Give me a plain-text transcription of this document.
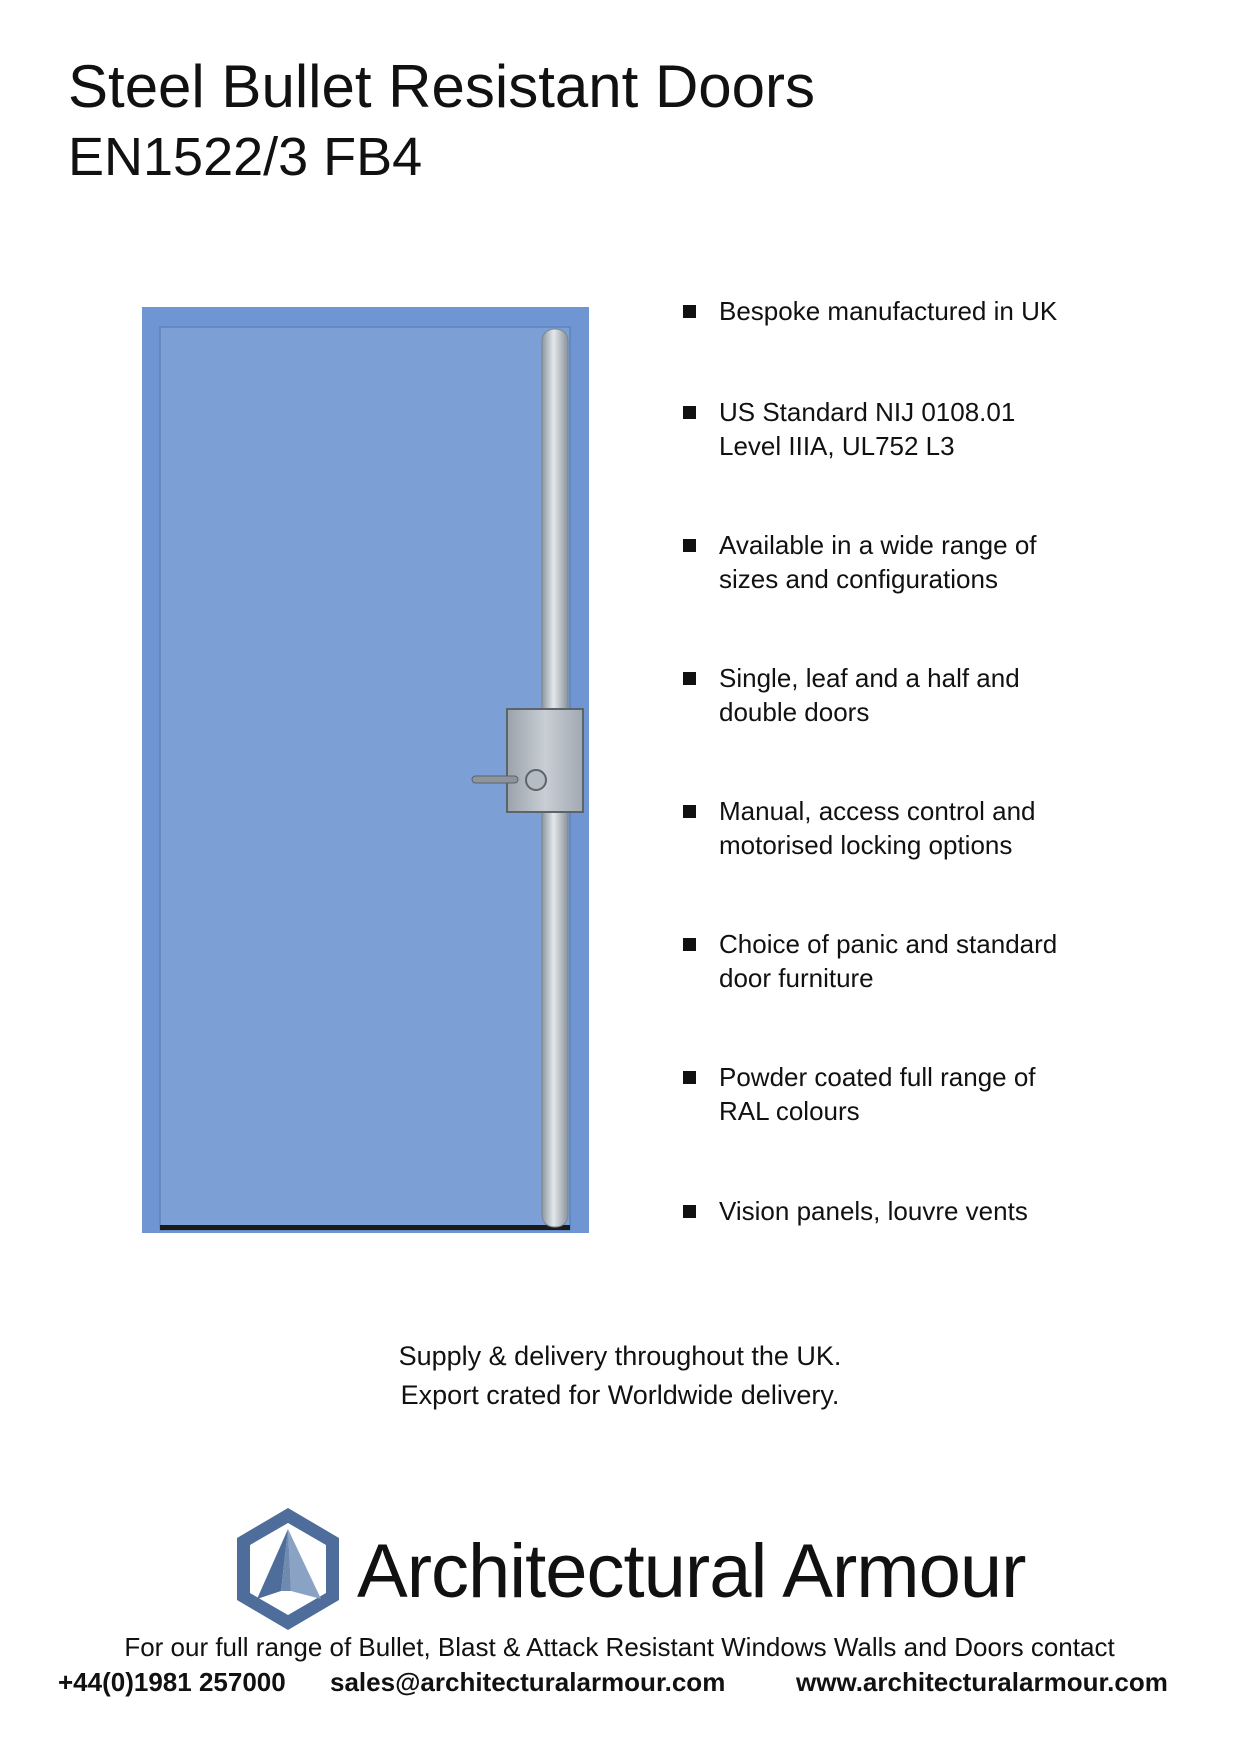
Steel Bullet Resistant Doors
EN1522/3 FB4
Bespoke manufactured in UK
US Standard NIJ 0108.01
Level IIIA, UL752 L3
Available in a wide range of
sizes and configurations
Single, leaf and a half and
double doors
Manual, access control and
motorised locking options
Choice of panic and standard
door furniture
Powder coated full range of
RAL colours
Vision panels, louvre vents
Supply & delivery throughout the UK.
Export crated for Worldwide delivery.
Architectural Armour
For our full range of Bullet, Blast & Attack Resistant Windows Walls and Doors contact
+44(0)1981 257000 sales@architecturalarmour.com	www.architecturalarmour.com
